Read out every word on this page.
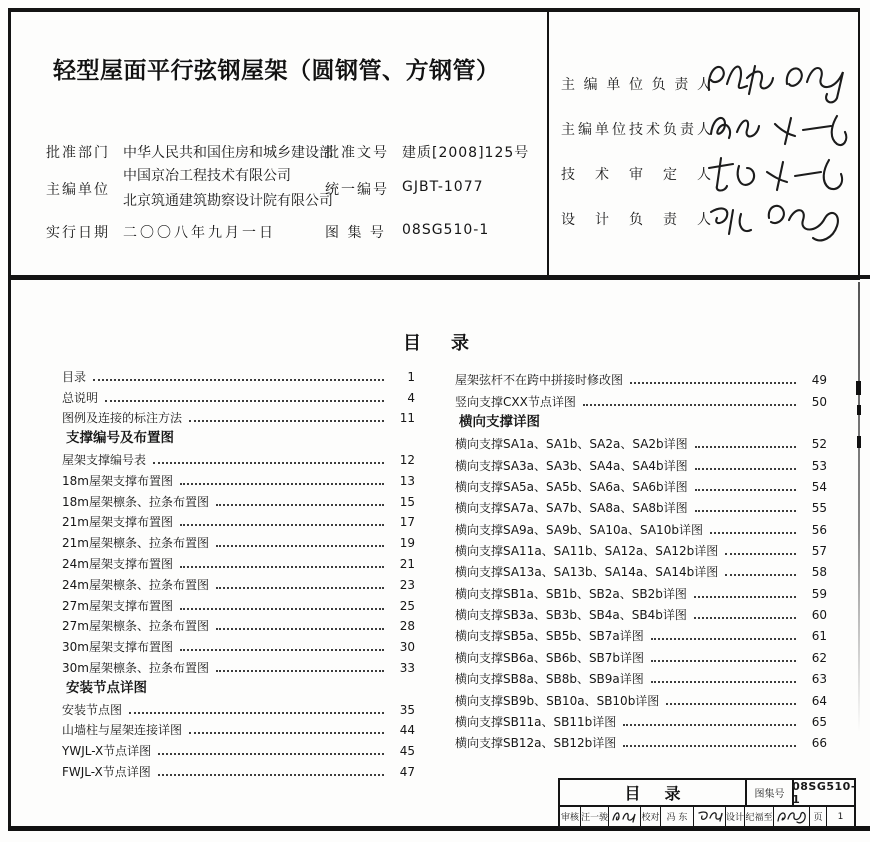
轻型屋面平行弦钢屋架（圆钢管、方钢管）
批准部门 中华人民共和国住房和城乡建设部
批准文号 建质[2008]125号
主编单位
中国京冶工程技术有限公司
北京筑通建筑勘察设计院有限公司
统一编号 GJBT-1077
实行日期 二〇〇八年九月一日	图 集 号 08SG510-1
主编单位负责人
主编单位技术负责人
技术审定人
设计负责人
目录
目录	1
总说明	4
图例及连接的标注方法	11
支撑编号及布置图
屋架支撑编号表	12
18m屋架支撑布置图	13
18m屋架檩条、拉条布置图	15
21m屋架支撑布置图	17
21m屋架檩条、拉条布置图	19
24m屋架支撑布置图	21
24m屋架檩条、拉条布置图	23
27m屋架支撑布置图	25
27m屋架檩条、拉条布置图	28
30m屋架支撑布置图	30
30m屋架檩条、拉条布置图	33
安装节点详图
安装节点图	35
山墙柱与屋架连接详图	44
YWJL-X节点详图	45
FWJL-X节点详图	47
屋架弦杆不在跨中拼接时修改图	49
竖向支撑CXX节点详图	50
横向支撑详图
横向支撑SA1a、SA1b、SA2a、SA2b详图	52
横向支撑SA3a、SA3b、SA4a、SA4b详图	53
横向支撑SA5a、SA5b、SA6a、SA6b详图	54
横向支撑SA7a、SA7b、SA8a、SA8b详图	55
横向支撑SA9a、SA9b、SA10a、SA10b详图	56
横向支撑SA11a、SA11b、SA12a、SA12b详图	57
横向支撑SA13a、SA13b、SA14a、SA14b详图	58
横向支撑SB1a、SB1b、SB2a、SB2b详图	59
横向支撑SB3a、SB3b、SB4a、SB4b详图	60
横向支撑SB5a、SB5b、SB7a详图	61
横向支撑SB6a、SB6b、SB7b详图	62
横向支撑SB8a、SB8b、SB9a详图	63
横向支撑SB9b、SB10a、SB10b详图	64
横向支撑SB11a、SB11b详图	65
横向支撑SB12a、SB12b详图	66
目录	图集号
08SG510-1
审核 汪一骏	校对 冯 东	设计 纪福至	页	1
